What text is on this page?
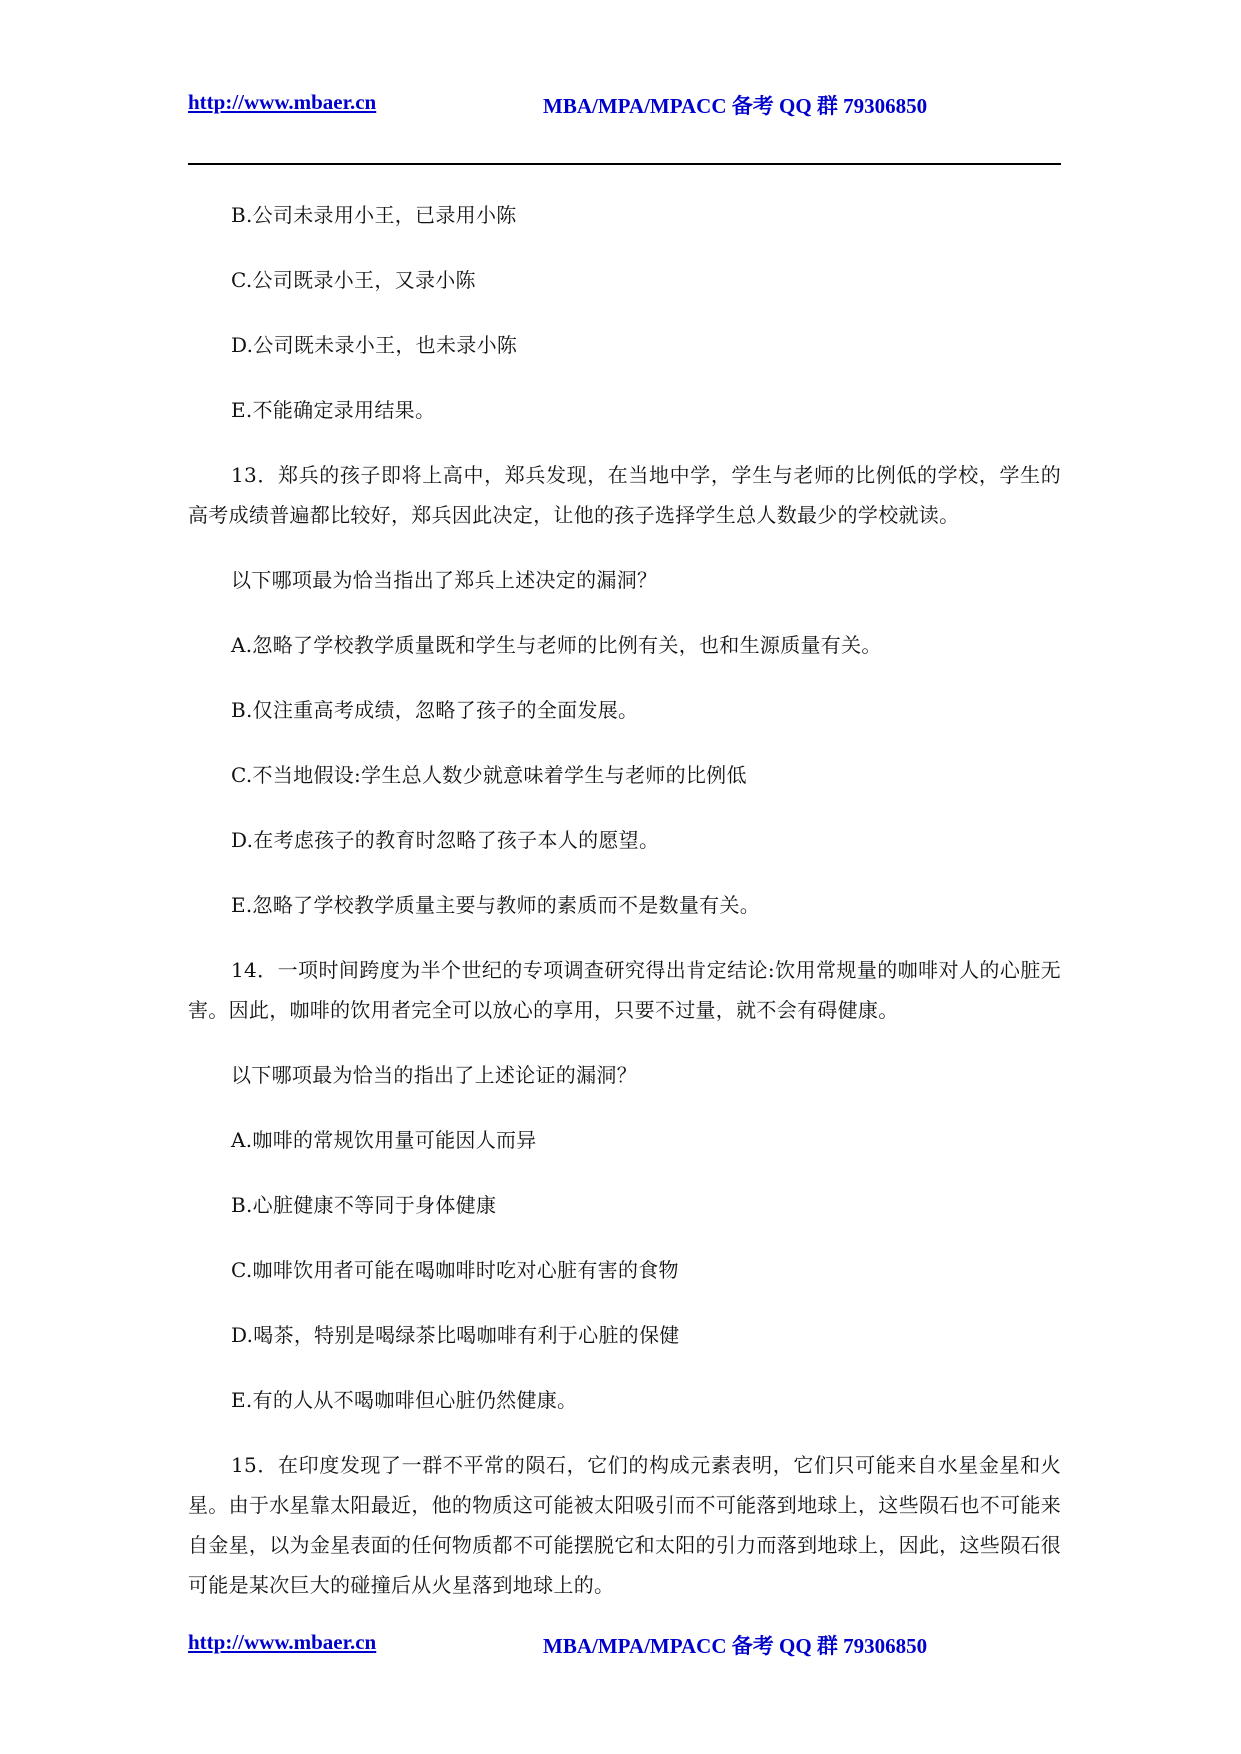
http://www.mbaer.cn	MBA/MPA/MPACC 备考 QQ 群 79306850

B.公司未录用小王，已录用小陈

C.公司既录小王，又录小陈

D.公司既未录小王，也未录小陈

E.不能确定录用结果。

13．郑兵的孩子即将上高中，郑兵发现，在当地中学，学生与老师的比例低的学校，学生的高考成绩普遍都比较好，郑兵因此决定，让他的孩子选择学生总人数最少的学校就读。

以下哪项最为恰当指出了郑兵上述决定的漏洞？

A.忽略了学校教学质量既和学生与老师的比例有关，也和生源质量有关。

B.仅注重高考成绩，忽略了孩子的全面发展。

C.不当地假设:学生总人数少就意味着学生与老师的比例低

D.在考虑孩子的教育时忽略了孩子本人的愿望。

E.忽略了学校教学质量主要与教师的素质而不是数量有关。

14．一项时间跨度为半个世纪的专项调查研究得出肯定结论:饮用常规量的咖啡对人的心脏无害。因此，咖啡的饮用者完全可以放心的享用，只要不过量，就不会有碍健康。

以下哪项最为恰当的指出了上述论证的漏洞？

A.咖啡的常规饮用量可能因人而异

B.心脏健康不等同于身体健康

C.咖啡饮用者可能在喝咖啡时吃对心脏有害的食物

D.喝茶，特别是喝绿茶比喝咖啡有利于心脏的保健

E.有的人从不喝咖啡但心脏仍然健康。

15．在印度发现了一群不平常的陨石，它们的构成元素表明，它们只可能来自水星金星和火星。由于水星靠太阳最近，他的物质这可能被太阳吸引而不可能落到地球上，这些陨石也不可能来自金星，以为金星表面的任何物质都不可能摆脱它和太阳的引力而落到地球上，因此，这些陨石很可能是某次巨大的碰撞后从火星落到地球上的。

http://www.mbaer.cn	MBA/MPA/MPACC 备考 QQ 群 79306850
